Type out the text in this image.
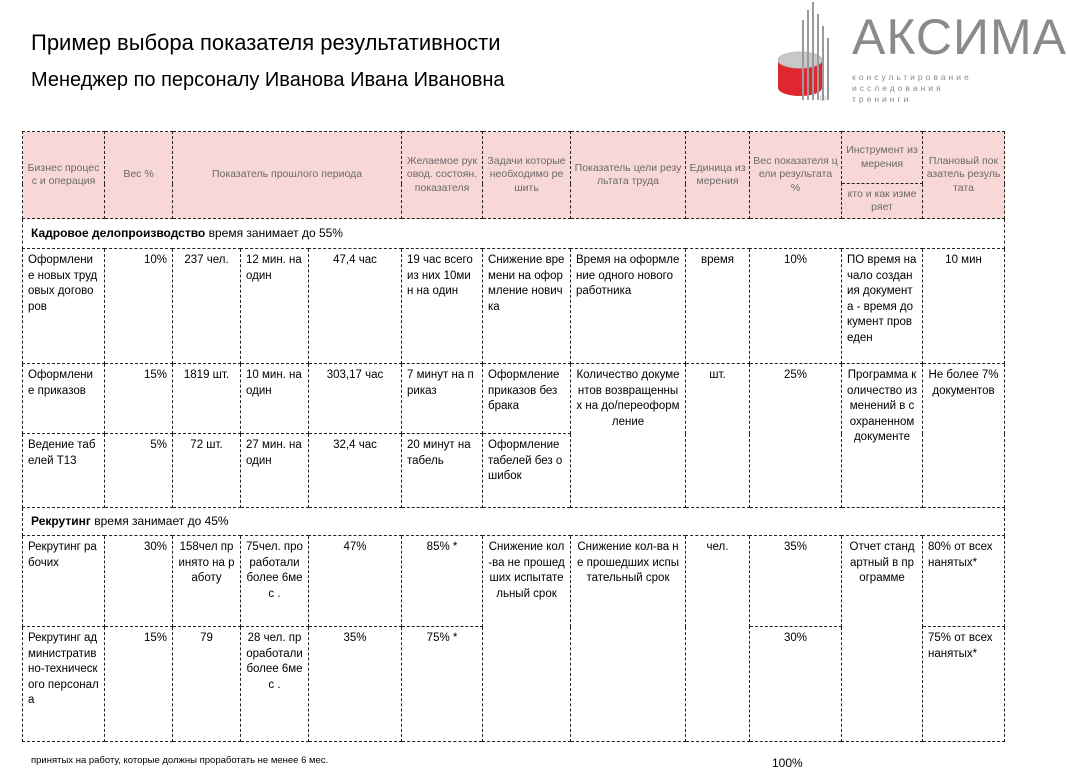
Пример выбора показателя результативности
Менеджер по персоналу Иванова Ивана Ивановна
АКСИМА
консультирование
исследования
тренинги
®
Бизнес процесс и операция	Вес %	Показатель прошлого периода			Желаемое руковод. состоян. показателя	Задачи которые необходимо решить	Показатель цели результата труда	Единица измерения	Вес показателя цели результата %	Инструмент измерения	Плановый показатель результата
										кто и как измеряет	
Кадровое делопроизводство время занимает до 55%											
Оформление новых трудовых договоров	10%	237 чел.	12 мин. на один	47,4 час	19 час всего из них 10мин на один	Снижение времени на оформление новичка	Время на оформление одного нового работника	время	10%	ПО время начало создания документа - время документ проведен	10 мин
Оформление приказов	15%	1819 шт.	10 мин. на один	303,17 час	7 минут на приказ	Оформление приказов без брака	Количество документов возвращенных на до/переоформление	шт.	25%	Программа количество изменений в сохраненном документе	Не более 7% документов
Ведение табелей Т13	5%	72 шт.	27 мин. на один	32,4 час	20 минут на табель	Оформление табелей без ошибок					
Рекрутинг время занимает до 45%											
Рекрутинг рабочих	30%	158чел принято на работу	75чел. проработали более 6мес .	47%	85% *	Снижение кол-ва не прошедших испытательный срок	Снижение кол-ва не прошедших испытательный срок	чел.	35%	Отчет стандартный в программе	80% от всех нанятых*
Рекрутинг административно-технического персонала	15%	79	28 чел. проработали более 6мес .	35%	75% *				30%		75% от всех нанятых*
принятых на работу, которые должны проработать не менее 6 мес.	100%
